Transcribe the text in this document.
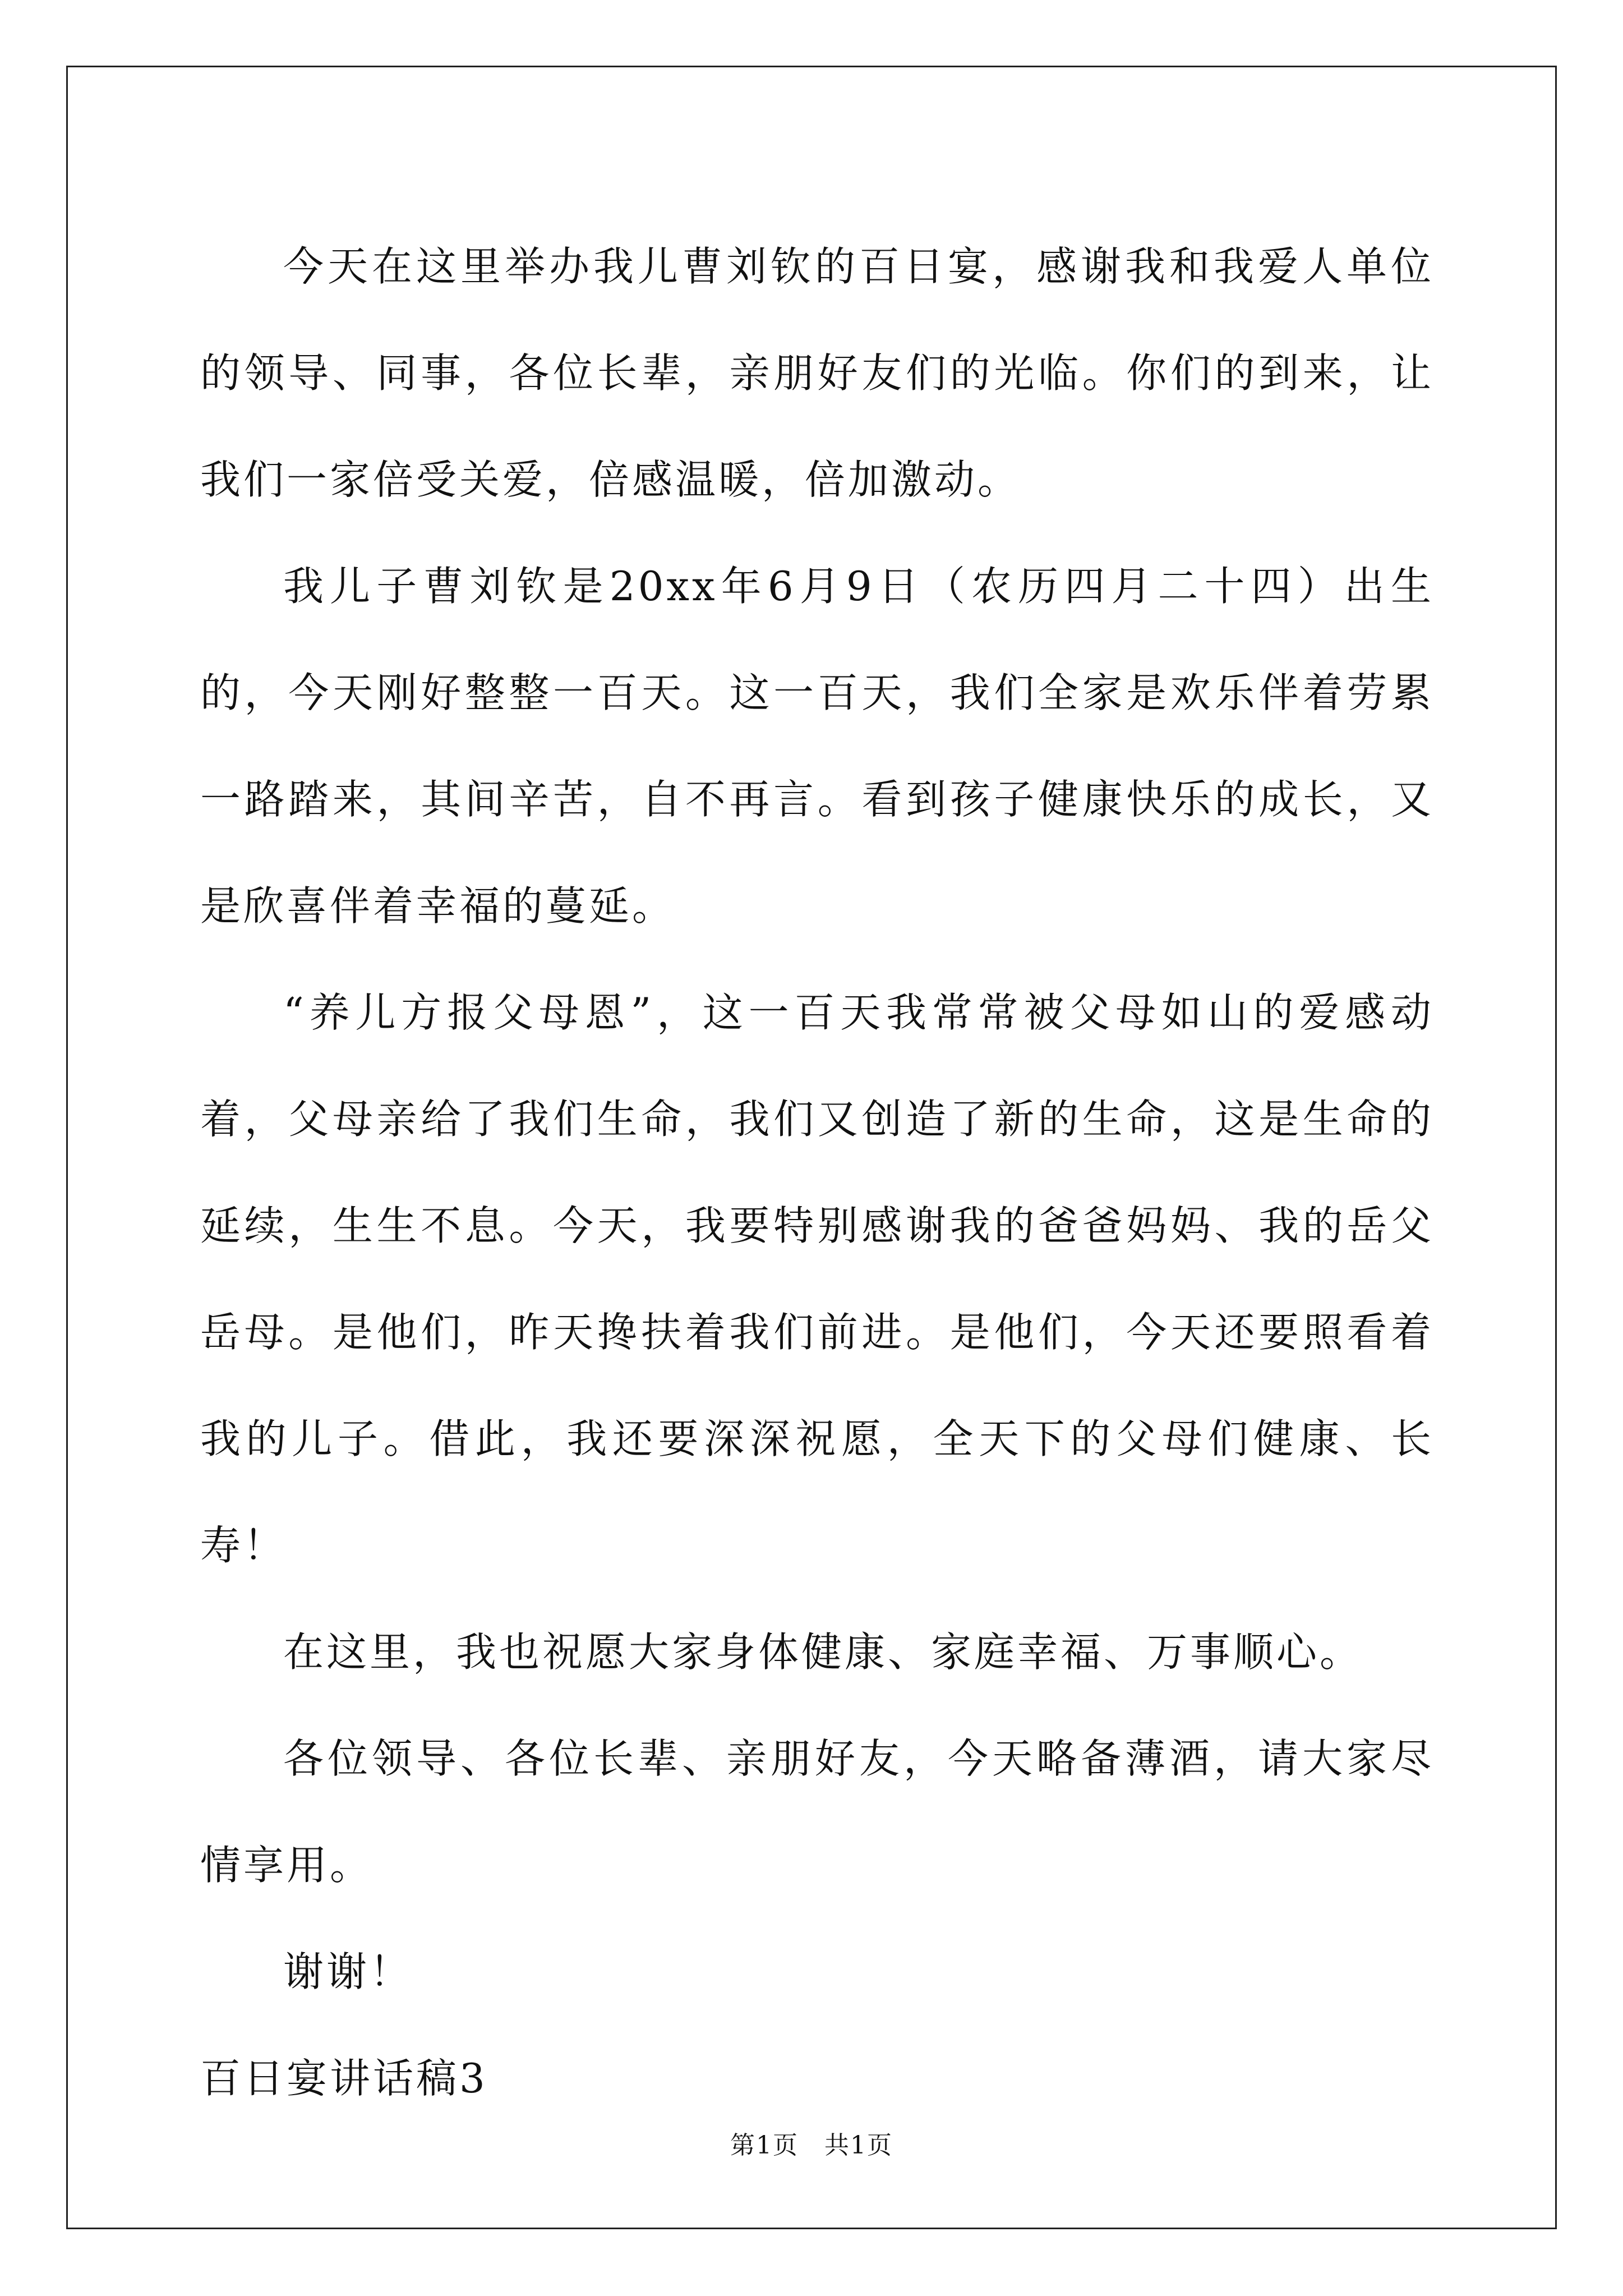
今天在这里举办我儿曹刘钦的百日宴，感谢我和我爱人单位的领导、同事，各位长辈，亲朋好友们的光临。你们的到来，让我们一家倍受关爱，倍感温暖，倍加激动。

我儿子曹刘钦是20xx年6月9日（农历四月二十四）出生的，今天刚好整整一百天。这一百天，我们全家是欢乐伴着劳累一路踏来，其间辛苦，自不再言。看到孩子健康快乐的成长，又是欣喜伴着幸福的蔓延。

“养儿方报父母恩”，这一百天我常常被父母如山的爱感动着，父母亲给了我们生命，我们又创造了新的生命，这是生命的延续，生生不息。今天，我要特别感谢我的爸爸妈妈、我的岳父岳母。是他们，昨天搀扶着我们前进。是他们，今天还要照看着我的儿子。借此，我还要深深祝愿，全天下的父母们健康、长寿！

在这里，我也祝愿大家身体健康、家庭幸福、万事顺心。

各位领导、各位长辈、亲朋好友，今天略备薄酒，请大家尽情享用。

谢谢！

百日宴讲话稿3

第1页　共1页
